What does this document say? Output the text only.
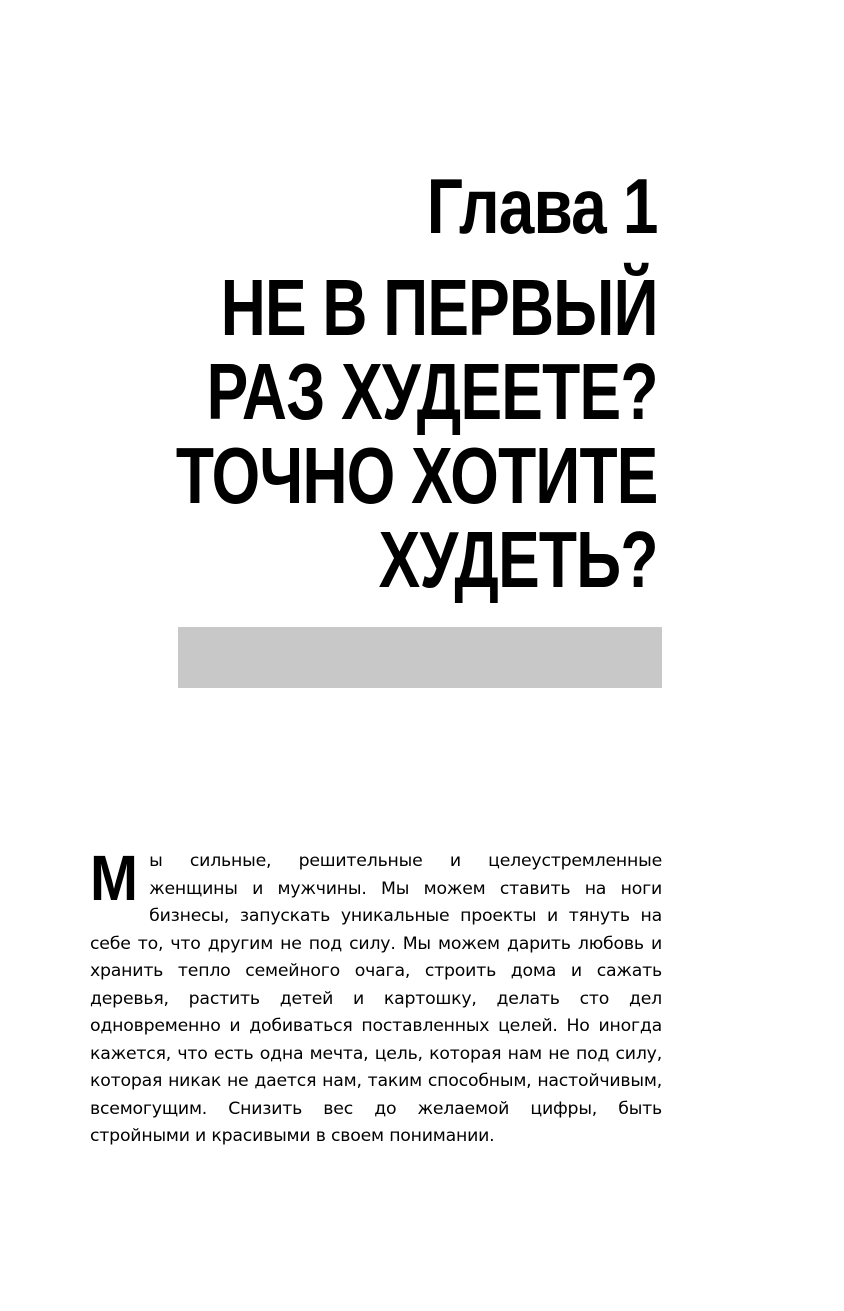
Глава 1
НЕ В ПЕРВЫЙ
РАЗ ХУДЕЕТЕ?
ТОЧНО ХОТИТЕ
ХУДЕТЬ?

Мы сильные, решительные и целеустремленные женщины и мужчины. Мы можем ставить на ноги бизнесы, запускать уникальные проекты и тянуть на себе то, что другим не под силу. Мы можем дарить любовь и хранить тепло семейного очага, строить дома и сажать деревья, растить детей и картошку, делать сто дел одновременно и добиваться поставленных целей. Но иногда кажется, что есть одна мечта, цель, которая нам не под силу, которая никак не дается нам, таким способным, настойчивым, всемогущим. Снизить вес до желаемой цифры, быть стройными и красивыми в своем понимании.
